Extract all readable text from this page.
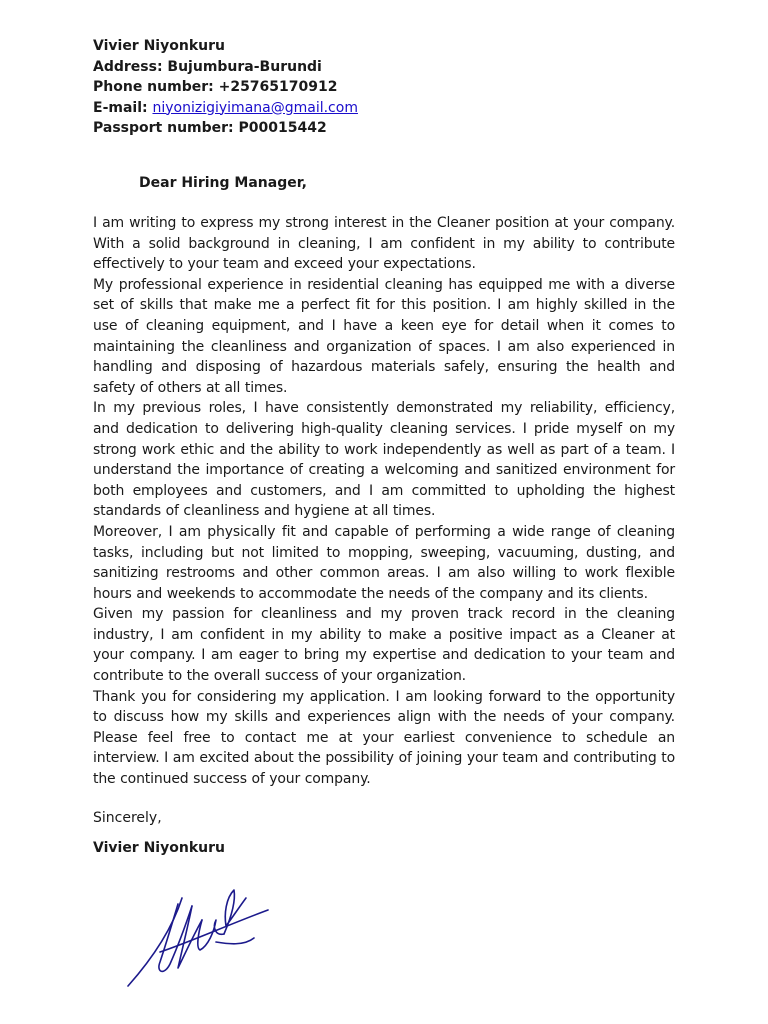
Vivier Niyonkuru

Address: Bujumbura-Burundi

Phone number: +25765170912

E-mail: niyonizigiyimana@gmail.com

Passport number: P00015442

Dear Hiring Manager,

I am writing to express my strong interest in the Cleaner position at your company. With a solid background in cleaning, I am confident in my ability to contribute effectively to your team and exceed your expectations.

My professional experience in residential cleaning has equipped me with a diverse set of skills that make me a perfect fit for this position. I am highly skilled in the use of cleaning equipment, and I have a keen eye for detail when it comes to maintaining the cleanliness and organization of spaces. I am also experienced in handling and disposing of hazardous materials safely, ensuring the health and safety of others at all times.

In my previous roles, I have consistently demonstrated my reliability, efficiency, and dedication to delivering high-quality cleaning services. I pride myself on my strong work ethic and the ability to work independently as well as part of a team. I understand the importance of creating a welcoming and sanitized environment for both employees and customers, and I am committed to upholding the highest standards of cleanliness and hygiene at all times.

Moreover, I am physically fit and capable of performing a wide range of cleaning tasks, including but not limited to mopping, sweeping, vacuuming, dusting, and sanitizing restrooms and other common areas. I am also willing to work flexible hours and weekends to accommodate the needs of the company and its clients.

Given my passion for cleanliness and my proven track record in the cleaning industry, I am confident in my ability to make a positive impact as a Cleaner at your company. I am eager to bring my expertise and dedication to your team and contribute to the overall success of your organization.

Thank you for considering my application. I am looking forward to the opportunity to discuss how my skills and experiences align with the needs of your company. Please feel free to contact me at your earliest convenience to schedule an interview. I am excited about the possibility of joining your team and contributing to the continued success of your company.

Sincerely,

Vivier Niyonkuru
